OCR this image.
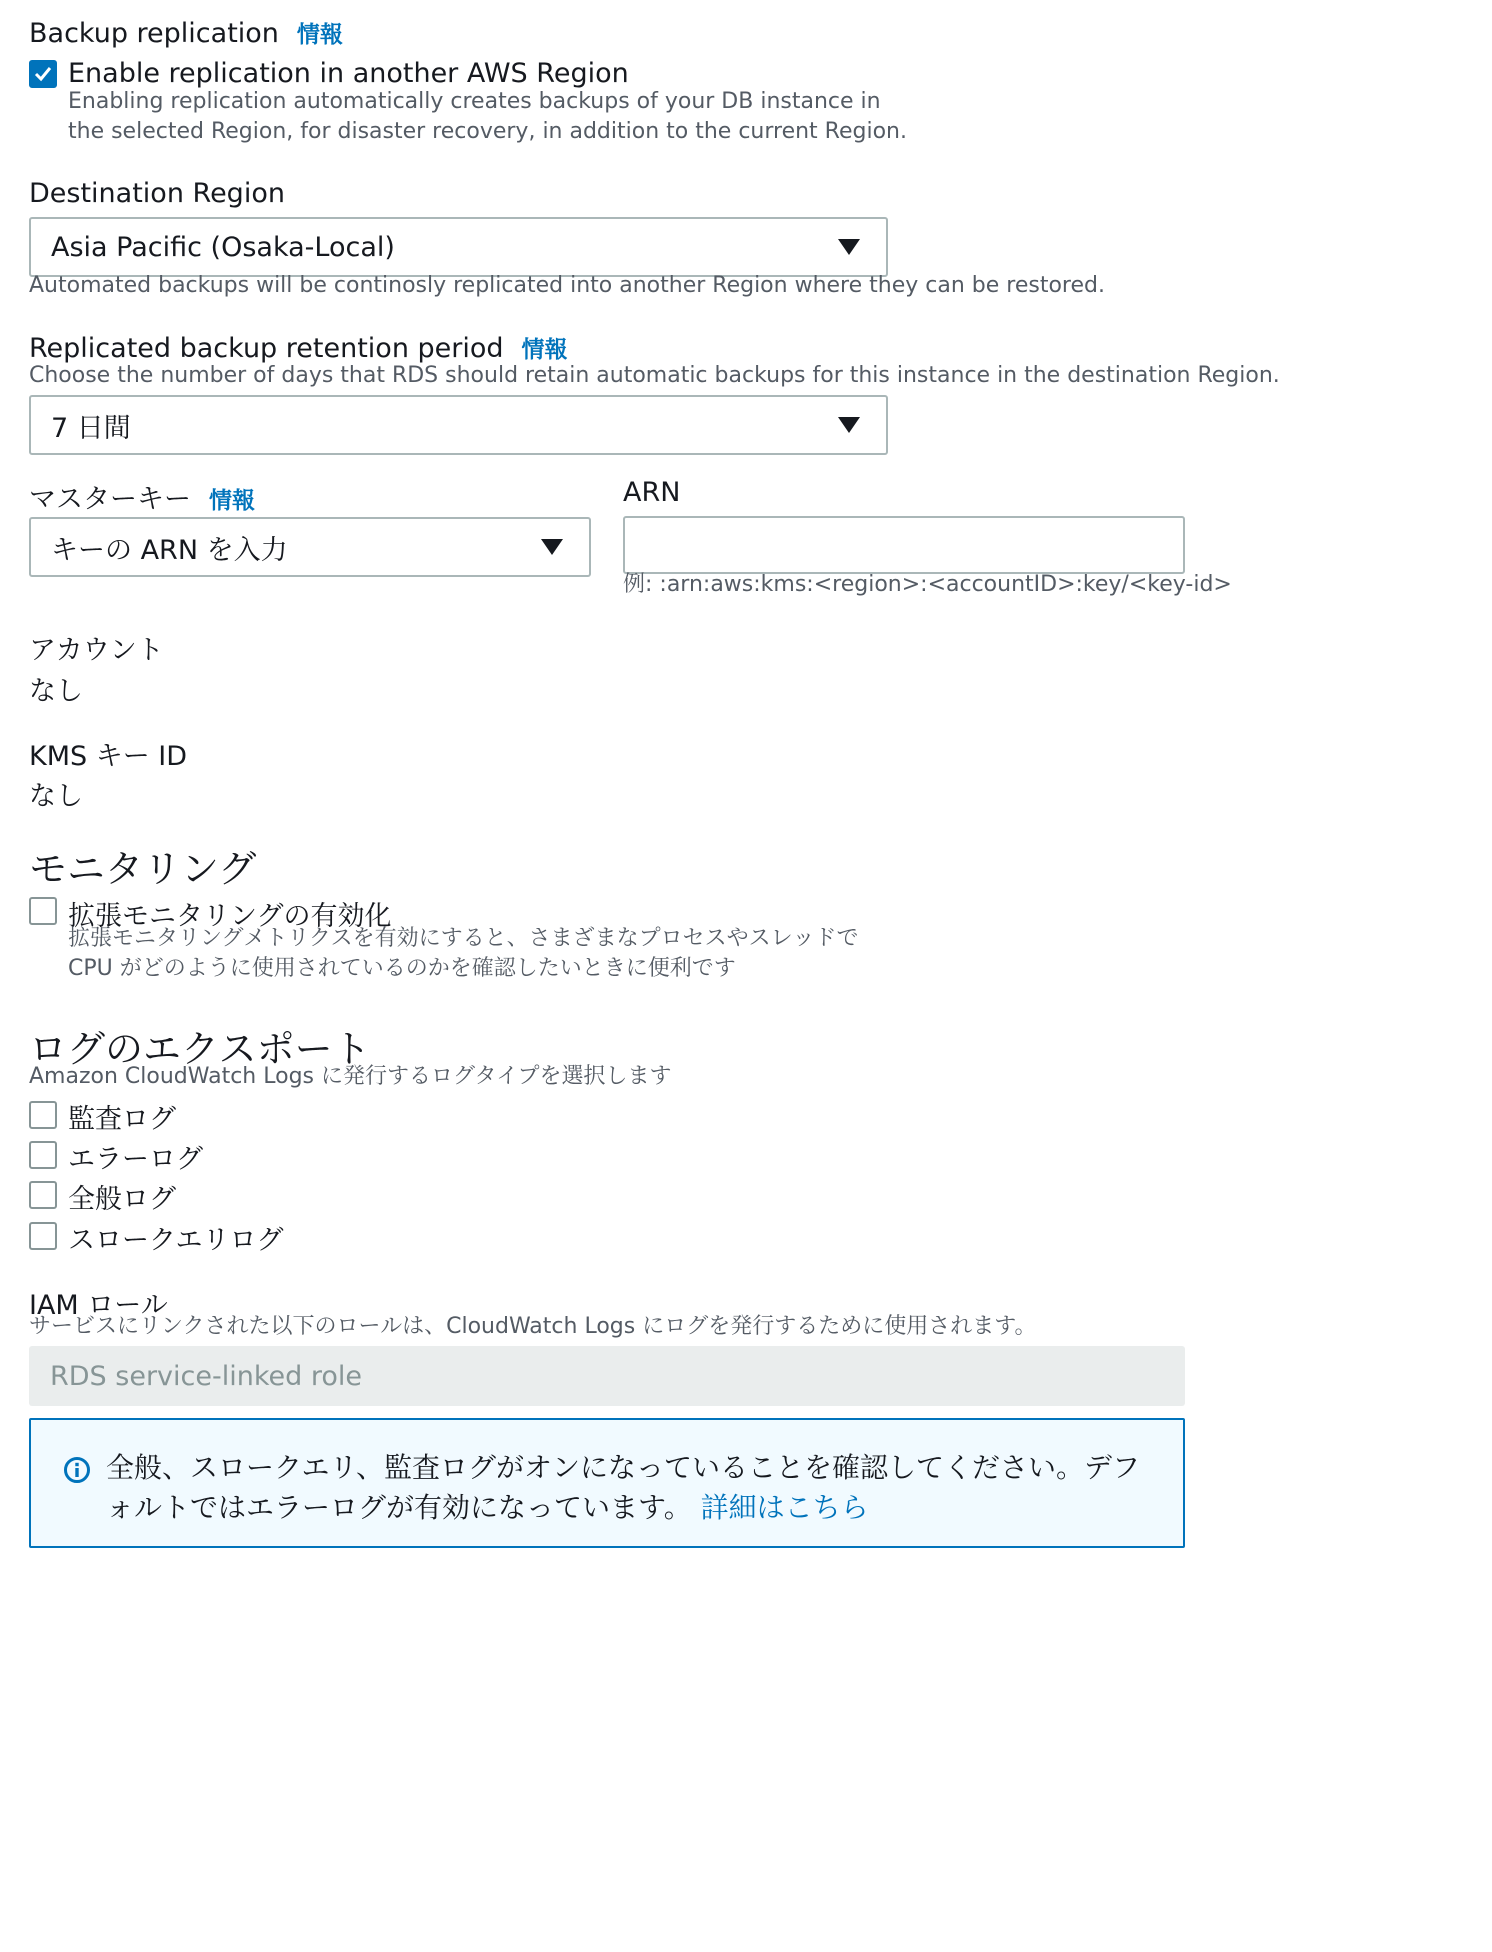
Backup replication 情報
Enable replication in another AWS Region
Enabling replication automatically creates backups of your DB instance in the selected Region, for disaster recovery, in addition to the current Region.
Destination Region
Asia Pacific (Osaka-Local)
Automated backups will be continosly replicated into another Region where they can be restored.
Replicated backup retention period 情報
Choose the number of days that RDS should retain automatic backups for this instance in the destination Region.
7 日間
マスターキー 情報
キーの ARN を入力
ARN
例: :arn:aws:kms:<region>:<accountID>:key/<key-id>
アカウント
なし
KMS キー ID
なし
モニタリング
拡張モニタリングの有効化
拡張モニタリングメトリクスを有効にすると、さまざまなプロセスやスレッドで CPU がどのように使用されているのかを確認したいときに便利です
ログのエクスポート
Amazon CloudWatch Logs に発行するログタイプを選択します
監査ログ
エラーログ
全般ログ
スロークエリログ
IAM ロール
サービスにリンクされた以下のロールは、CloudWatch Logs にログを発行するために使用されます。
RDS service-linked role
全般、スロークエリ、監査ログがオンになっていることを確認してください。デフォルトではエラーログが有効になっています。 詳細はこちら
